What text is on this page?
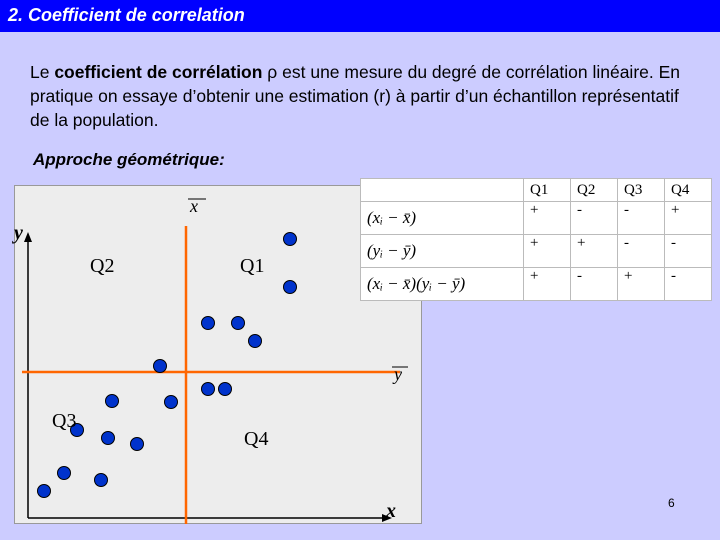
2. Coefficient de correlation
Le coefficient de corrélation ρ est une mesure du degré de corrélation linéaire. En pratique on essaye d’obtenir une estimation (r) à partir d’un échantillon représentatif de la population.
Approche géométrique:
y
x
x
y
Q1
Q2
Q3
Q4
	Q1	Q2	Q3	Q4
(xᵢ − x̄)	+	-	-	+
(yᵢ − ȳ)	+	+	-	-
(xᵢ − x̄)(yᵢ − ȳ)	+	-	+	-
6
